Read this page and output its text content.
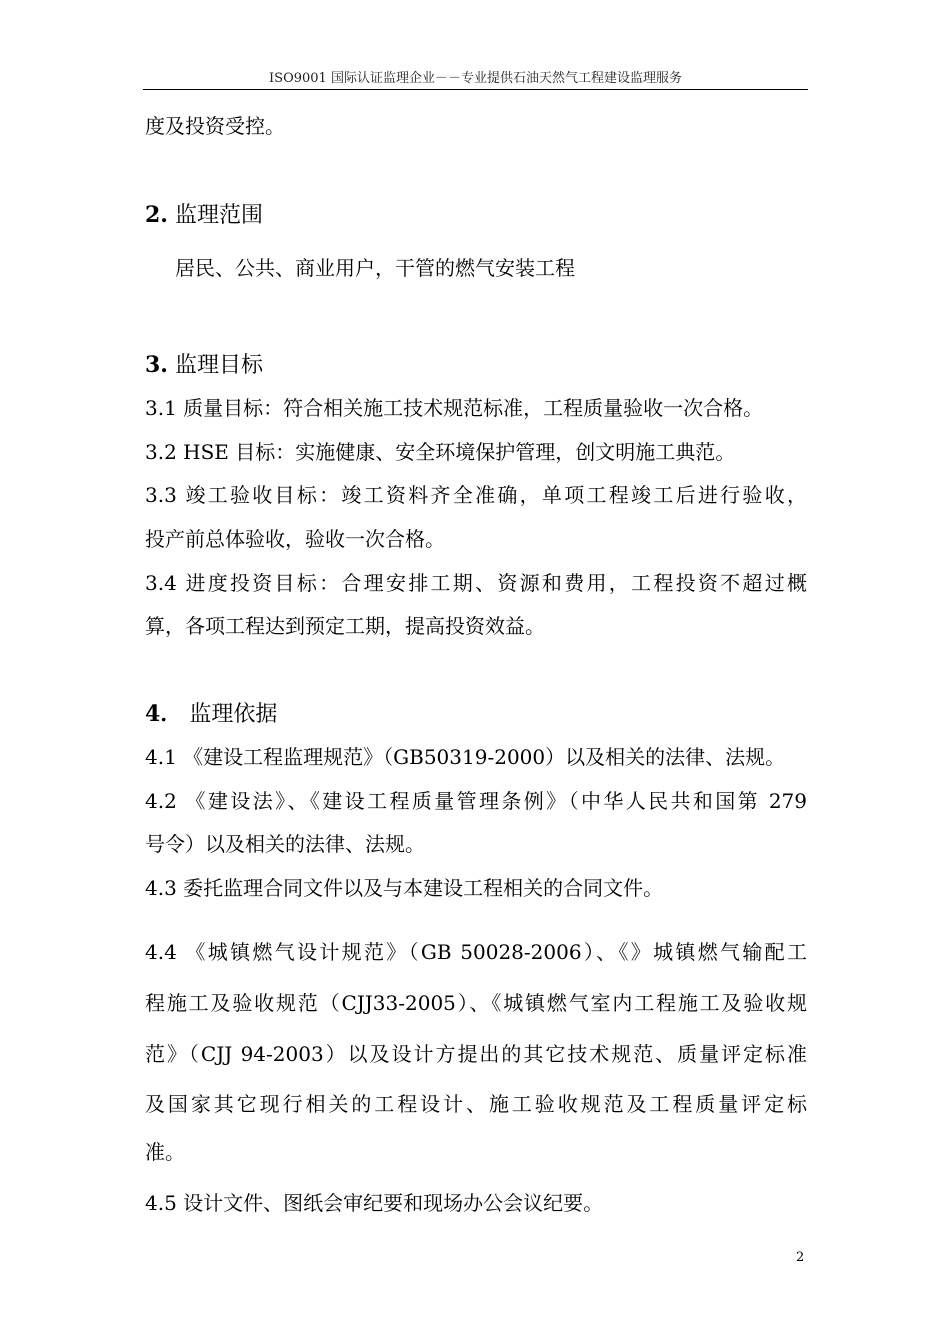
ISO9001 国际认证监理企业－－专业提供石油天然气工程建设监理服务
度及投资受控。
2. 监理范围
居民、公共、商业用户，干管的燃气安装工程
3. 监理目标
3.1 质量目标：符合相关施工技术规范标准，工程质量验收一次合格。
3.2 HSE 目标：实施健康、安全环境保护管理，创文明施工典范。
3.3 竣工验收目标：竣工资料齐全准确，单项工程竣工后进行验收，
投产前总体验收，验收一次合格。
3.4 进度投资目标：合理安排工期、资源和费用，工程投资不超过概
算，各项工程达到预定工期，提高投资效益。
4． 监理依据
4.1 《建设工程监理规范》（GB50319-2000）以及相关的法律、法规。
4.2 《建设法》、《建设工程质量管理条例》（中华人民共和国第 279
号令）以及相关的法律、法规。
4.3 委托监理合同文件以及与本建设工程相关的合同文件。
4.4 《城镇燃气设计规范》（GB 50028-2006）、《》城镇燃气输配工
程施工及验收规范（CJJ33-2005）、《城镇燃气室内工程施工及验收规
范》（CJJ 94-2003）以及设计方提出的其它技术规范、质量评定标准
及国家其它现行相关的工程设计、施工验收规范及工程质量评定标
准。
4.5 设计文件、图纸会审纪要和现场办公会议纪要。
2
